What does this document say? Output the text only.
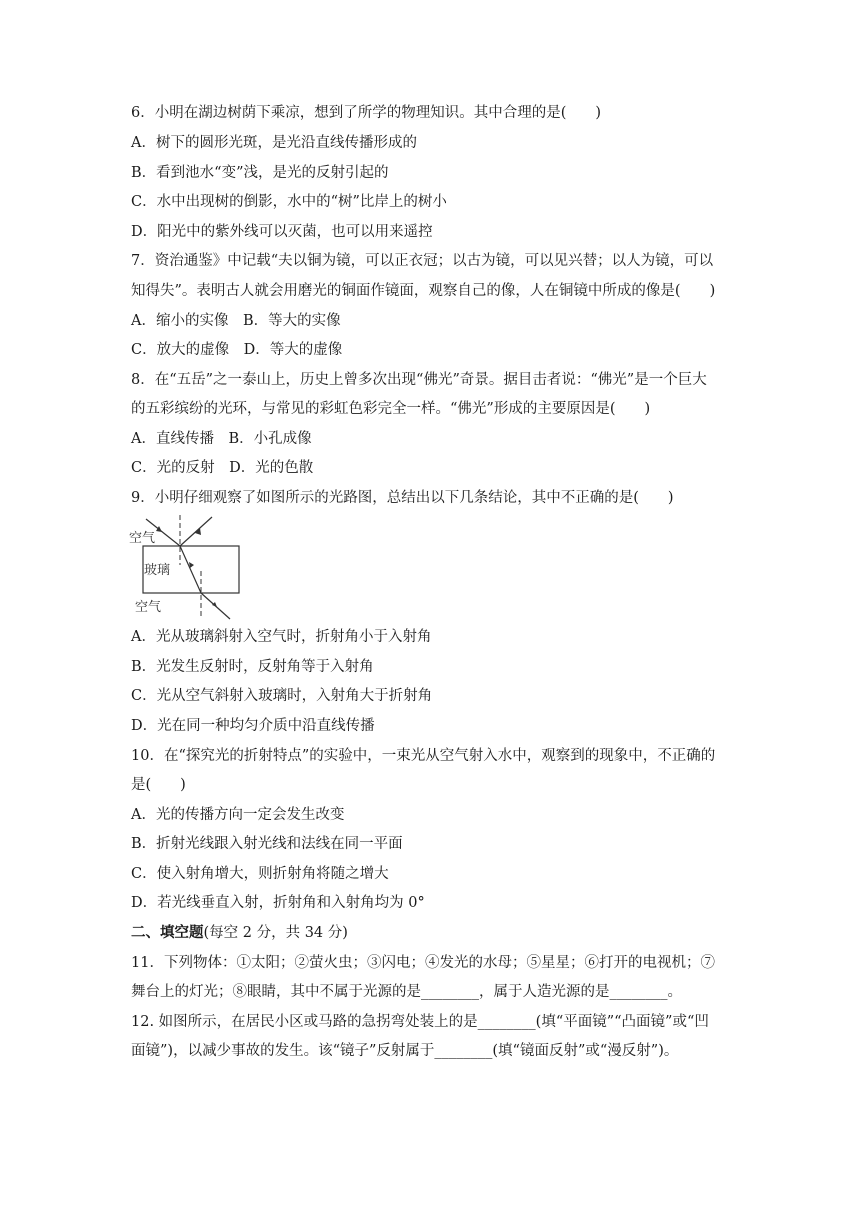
6．小明在湖边树荫下乘凉，想到了所学的物理知识。其中合理的是(　　)
A．树下的圆形光斑，是光沿直线传播形成的
B．看到池水“变”浅，是光的反射引起的
C．水中出现树的倒影，水中的“树”比岸上的树小
D．阳光中的紫外线可以灭菌，也可以用来遥控
7．资治通鉴》中记载“夫以铜为镜，可以正衣冠；以古为镜，可以见兴替；以人为镜，可以
知得失”。表明古人就会用磨光的铜面作镜面，观察自己的像，人在铜镜中所成的像是(　　)
A．缩小的实像　B．等大的实像
C．放大的虚像　D．等大的虚像
8．在“五岳”之一泰山上，历史上曾多次出现“佛光”奇景。据目击者说：“佛光”是一个巨大
的五彩缤纷的光环，与常见的彩虹色彩完全一样。“佛光”形成的主要原因是(　　)
A．直线传播　B．小孔成像
C．光的反射　D．光的色散
9．小明仔细观察了如图所示的光路图，总结出以下几条结论，其中不正确的是(　　)
空气
玻璃
空气
A．光从玻璃斜射入空气时，折射角小于入射角
B．光发生反射时，反射角等于入射角
C．光从空气斜射入玻璃时，入射角大于折射角
D．光在同一种均匀介质中沿直线传播
10．在“探究光的折射特点”的实验中，一束光从空气射入水中，观察到的现象中，不正确的
是(　　)
A．光的传播方向一定会发生改变
B．折射光线跟入射光线和法线在同一平面
C．使入射角增大，则折射角将随之增大
D．若光线垂直入射，折射角和入射角均为 0°
二、填空题(每空 2 分，共 34 分)
11．下列物体：①太阳；②萤火虫；③闪电；④发光的水母；⑤星星；⑥打开的电视机；⑦
舞台上的灯光；⑧眼睛，其中不属于光源的是________，属于人造光源的是________。
12. 如图所示，在居民小区或马路的急拐弯处装上的是________(填“平面镜”“凸面镜”或“凹
面镜”)，以减少事故的发生。该“镜子”反射属于________(填“镜面反射”或“漫反射”)。
